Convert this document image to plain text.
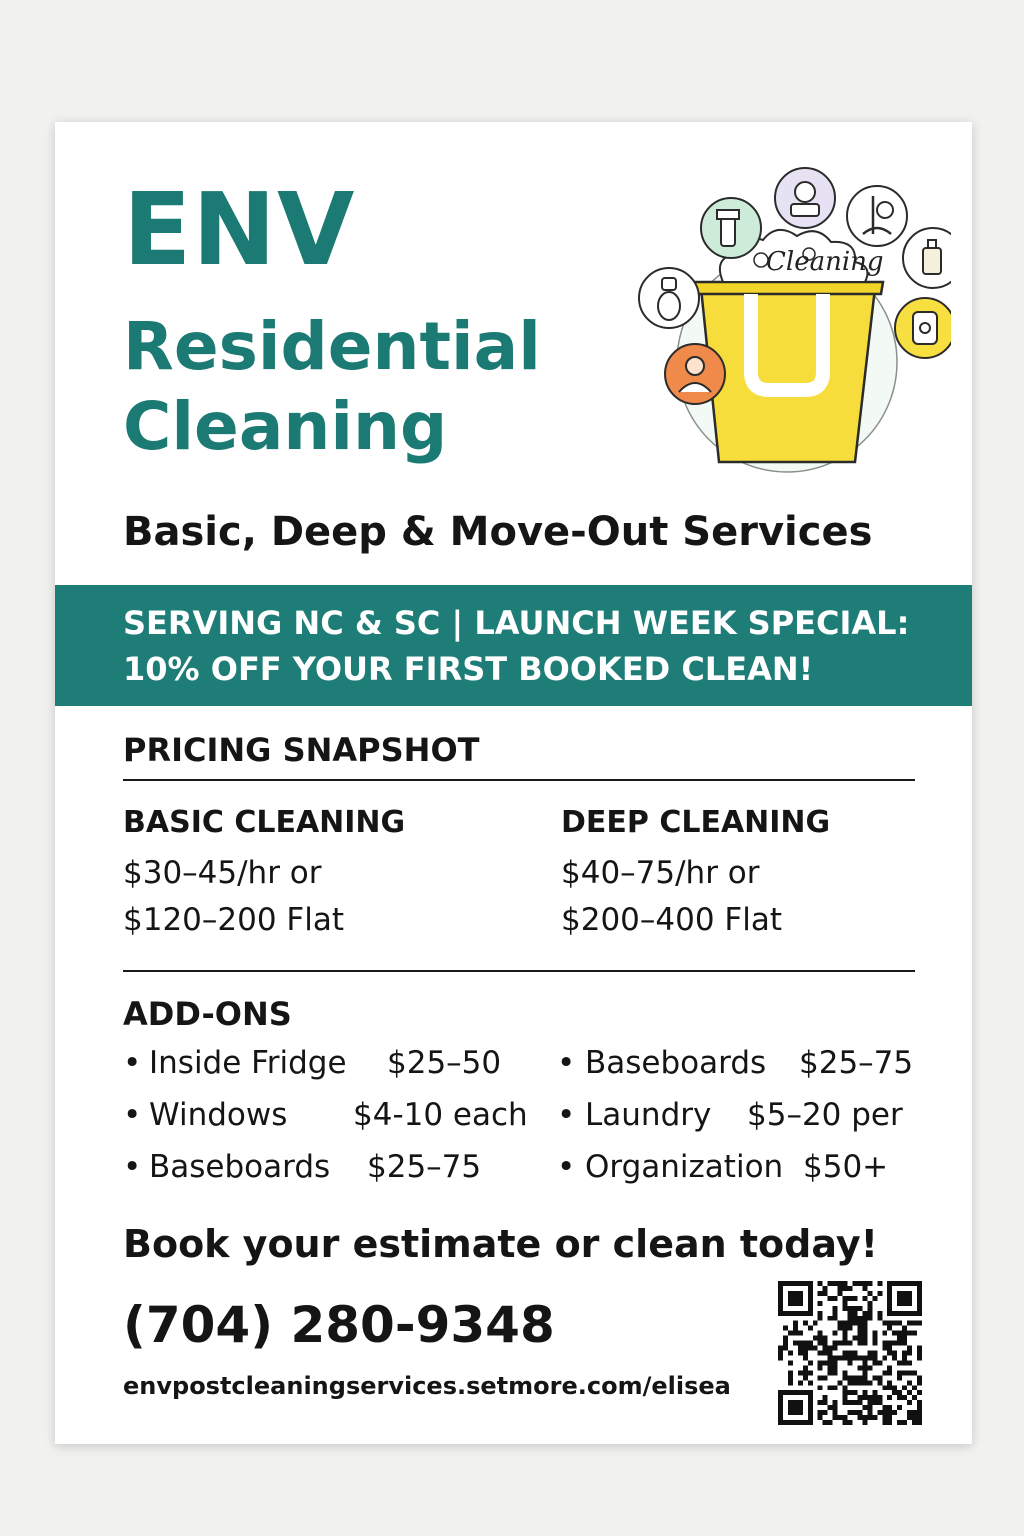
ENV
Residential
Cleaning
Cleaning
Basic, Deep & Move-Out Services
SERVING NC & SC | LAUNCH WEEK SPECIAL:
10% OFF YOUR FIRST BOOKED CLEAN!
PRICING SNAPSHOT
BASIC CLEANING
$30–45/hr or
$120–200 Flat
DEEP CLEANING
$40–75/hr or
$200–400 Flat
ADD-ONS
• Inside Fridge $25–50
• Windows $4-10 each
• Baseboards $25–75
• Baseboards $25–75
• Laundry $5–20 per
• Organization $50+
Book your estimate or clean today!
(704) 280-9348
envpostcleaningservices.setmore.com/elisea
